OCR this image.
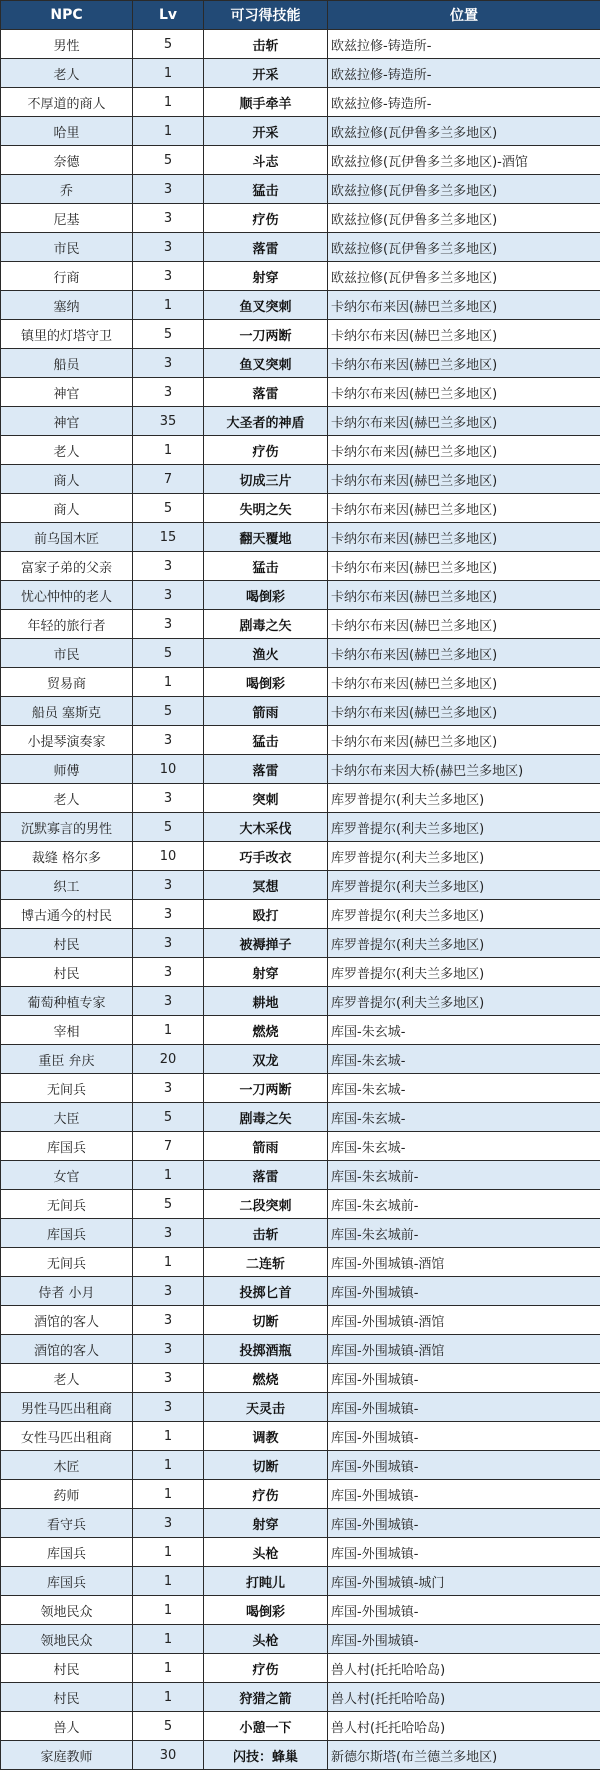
NPC	Lv	可习得技能	位置
男性	5	击斩	欧兹拉修-铸造所-
老人	1	开采	欧兹拉修-铸造所-
不厚道的商人	1	顺手牵羊	欧兹拉修-铸造所-
哈里	1	开采	欧兹拉修(瓦伊鲁多兰多地区)
奈德	5	斗志	欧兹拉修(瓦伊鲁多兰多地区)-酒馆
乔	3	猛击	欧兹拉修(瓦伊鲁多兰多地区)
尼基	3	疗伤	欧兹拉修(瓦伊鲁多兰多地区)
市民	3	落雷	欧兹拉修(瓦伊鲁多兰多地区)
行商	3	射穿	欧兹拉修(瓦伊鲁多兰多地区)
塞纳	1	鱼叉突刺	卡纳尔布来因(赫巴兰多地区)
镇里的灯塔守卫	5	一刀两断	卡纳尔布来因(赫巴兰多地区)
船员	3	鱼叉突刺	卡纳尔布来因(赫巴兰多地区)
神官	3	落雷	卡纳尔布来因(赫巴兰多地区)
神官	35	大圣者的神盾	卡纳尔布来因(赫巴兰多地区)
老人	1	疗伤	卡纳尔布来因(赫巴兰多地区)
商人	7	切成三片	卡纳尔布来因(赫巴兰多地区)
商人	5	失明之矢	卡纳尔布来因(赫巴兰多地区)
前乌国木匠	15	翻天覆地	卡纳尔布来因(赫巴兰多地区)
富家子弟的父亲	3	猛击	卡纳尔布来因(赫巴兰多地区)
忧心忡忡的老人	3	喝倒彩	卡纳尔布来因(赫巴兰多地区)
年轻的旅行者	3	剧毒之矢	卡纳尔布来因(赫巴兰多地区)
市民	5	渔火	卡纳尔布来因(赫巴兰多地区)
贸易商	1	喝倒彩	卡纳尔布来因(赫巴兰多地区)
船员 塞斯克	5	箭雨	卡纳尔布来因(赫巴兰多地区)
小提琴演奏家	3	猛击	卡纳尔布来因(赫巴兰多地区)
师傅	10	落雷	卡纳尔布来因大桥(赫巴兰多地区)
老人	3	突刺	库罗普提尔(利夫兰多地区)
沉默寡言的男性	5	大木采伐	库罗普提尔(利夫兰多地区)
裁缝 格尔多	10	巧手改衣	库罗普提尔(利夫兰多地区)
织工	3	冥想	库罗普提尔(利夫兰多地区)
博古通今的村民	3	殴打	库罗普提尔(利夫兰多地区)
村民	3	被褥掸子	库罗普提尔(利夫兰多地区)
村民	3	射穿	库罗普提尔(利夫兰多地区)
葡萄种植专家	3	耕地	库罗普提尔(利夫兰多地区)
宰相	1	燃烧	库国-朱玄城-
重臣 弁庆	20	双龙	库国-朱玄城-
无间兵	3	一刀两断	库国-朱玄城-
大臣	5	剧毒之矢	库国-朱玄城-
库国兵	7	箭雨	库国-朱玄城-
女官	1	落雷	库国-朱玄城前-
无间兵	5	二段突刺	库国-朱玄城前-
库国兵	3	击斩	库国-朱玄城前-
无间兵	1	二连斩	库国-外围城镇-酒馆
侍者 小月	3	投掷匕首	库国-外围城镇-
酒馆的客人	3	切断	库国-外围城镇-酒馆
酒馆的客人	3	投掷酒瓶	库国-外围城镇-酒馆
老人	3	燃烧	库国-外围城镇-
男性马匹出租商	3	天灵击	库国-外围城镇-
女性马匹出租商	1	调教	库国-外围城镇-
木匠	1	切断	库国-外围城镇-
药师	1	疗伤	库国-外围城镇-
看守兵	3	射穿	库国-外围城镇-
库国兵	1	头枪	库国-外围城镇-
库国兵	1	打盹儿	库国-外围城镇-城门
领地民众	1	喝倒彩	库国-外围城镇-
领地民众	1	头枪	库国-外围城镇-
村民	1	疗伤	兽人村(托托哈哈岛)
村民	1	狩猎之箭	兽人村(托托哈哈岛)
兽人	5	小憩一下	兽人村(托托哈哈岛)
家庭教师	30	闪技：蜂巢	新德尔斯塔(布兰德兰多地区)
